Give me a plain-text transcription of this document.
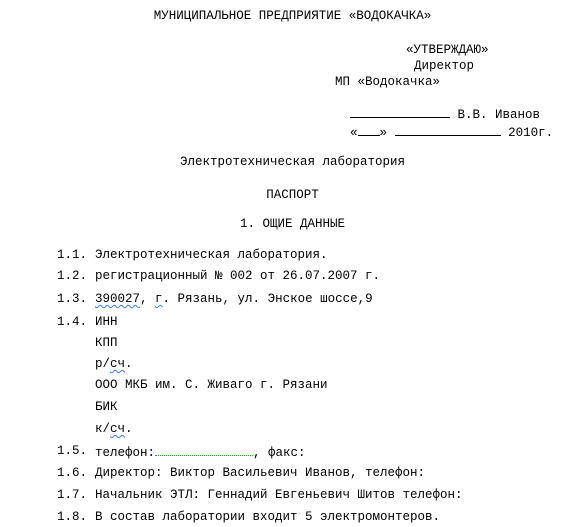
МУНИЦИПАЛЬНОЕ ПРЕДПРИЯТИЕ «ВОДОКАЧКА»
«УТВЕРЖДАЮ»
Директор
МП «Водокачка»

В.В. Иванов

« »	2010г.

Электротехническая лаборатория
ПАСПОРТ
1. ОЩИЕ ДАННЫЕ
1.1. Электротехническая лаборатория.
1.2. регистрационный № 002 от 26.07.2007 г.
1.3. 390027, г. Рязань, ул. Энское шоссе,9
1.4. ИНН
КПП
р/сч.
ООО МКБ им. С. Живаго г. Рязани
БИК
к/сч.
1.5. телефон:	, факс:
1.6. Директор: Виктор Васильевич Иванов, телефон:
1.7. Начальник ЭТЛ: Геннадий Евгеньевич Шитов телефон:
1.8. В состав лаборатории входит 5 электромонтеров.
